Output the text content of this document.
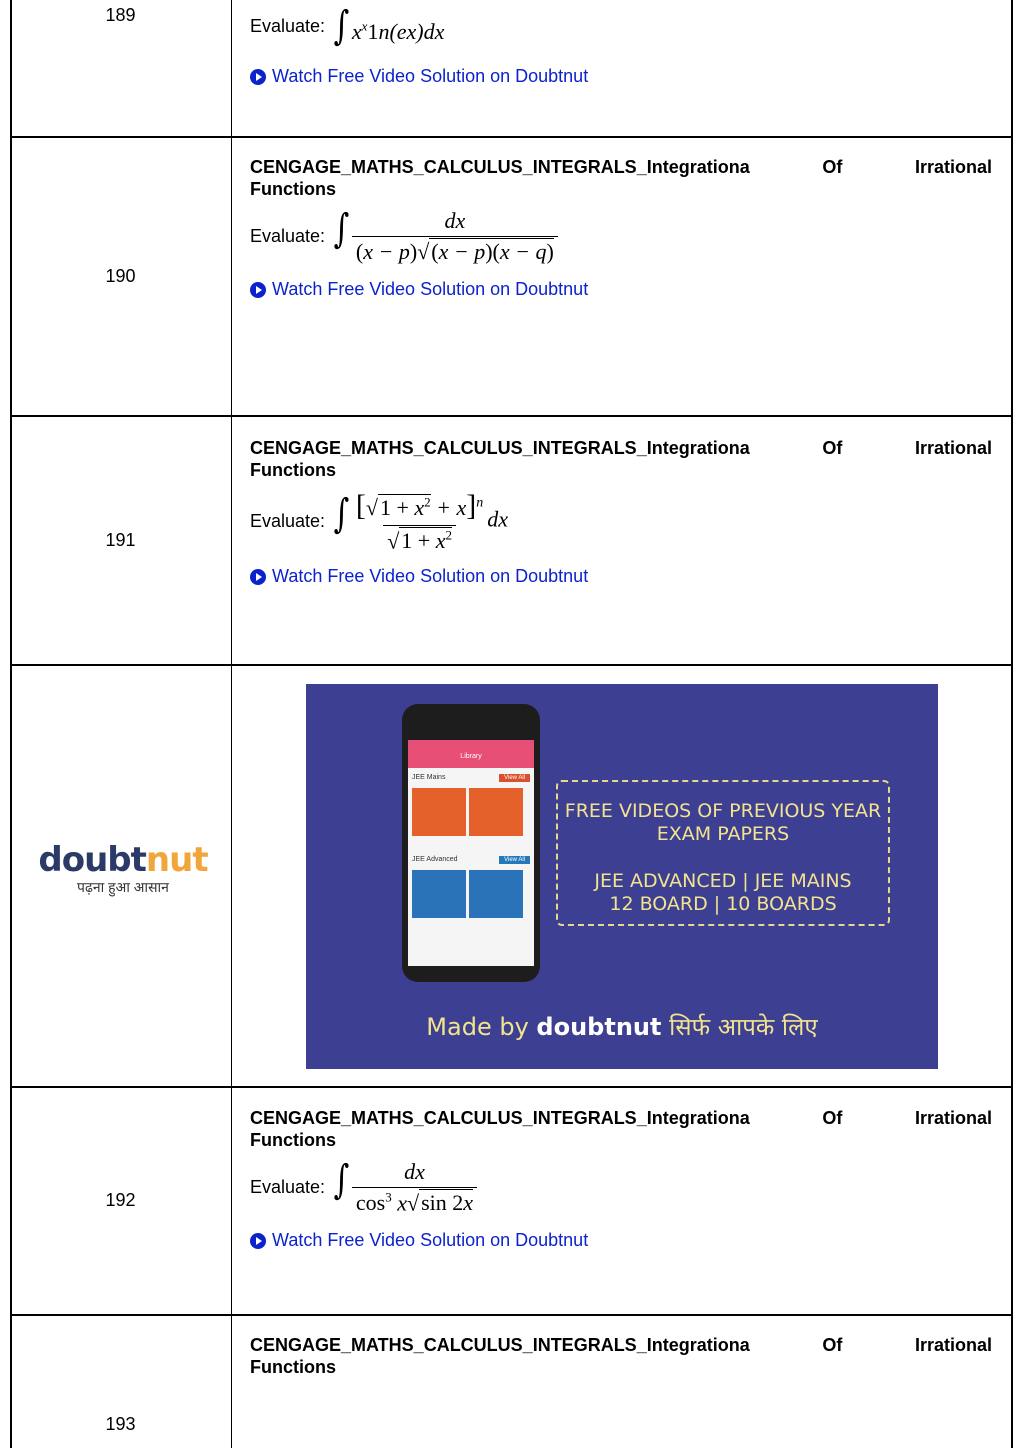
189
Evaluate: ∫ $x^x1n(ex)dx$
Watch Free Video Solution on Doubtnut
190
CENGAGE_MATHS_CALCULUS_INTEGRALS_Integrationa	Of	Irrational
Functions
Evaluate: ∫ $\frac{dx}{(x - p)√(x - p)(x - q)}$
Watch Free Video Solution on Doubtnut
191
CENGAGE_MATHS_CALCULUS_INTEGRALS_Integrationa	Of	Irrational
Functions
Evaluate: ∫ $\frac{[√1 + x^2 + x]^n}{√1 + x^2}$ dx
Watch Free Video Solution on Doubtnut
doubtnut
पढ़ना हुआ आसान
Library
JEE Mains	View All
JEE Advanced	View All
FREE VIDEOS OF PREVIOUS YEAR
EXAM PAPERS
JEE ADVANCED | JEE MAINS
12 BOARD | 10 BOARDS
Made by doubtnut सिर्फ आपके लिए
192
CENGAGE_MATHS_CALCULUS_INTEGRALS_Integrationa	Of	Irrational
Functions
Evaluate: ∫ $\frac{dx}{\cos^3 x√\sin 2x}$
Watch Free Video Solution on Doubtnut
193
CENGAGE_MATHS_CALCULUS_INTEGRALS_Integrationa	Of	Irrational
Functions
